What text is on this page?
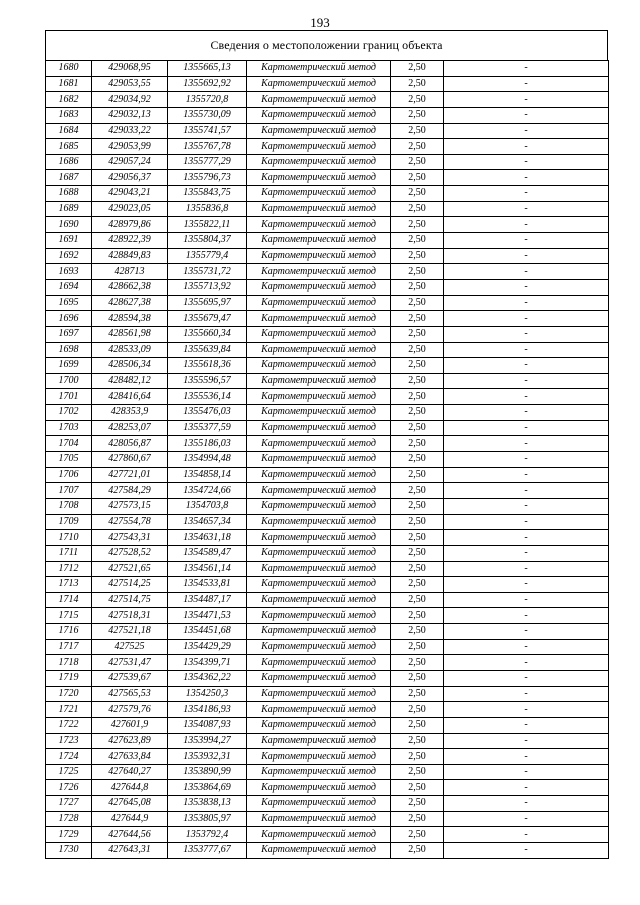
193
Сведения о местоположении границ объекта
1680	429068,95	1355665,13	Картометрический метод	2,50	-
1681	429053,55	1355692,92	Картометрический метод	2,50	-
1682	429034,92	1355720,8	Картометрический метод	2,50	-
1683	429032,13	1355730,09	Картометрический метод	2,50	-
1684	429033,22	1355741,57	Картометрический метод	2,50	-
1685	429053,99	1355767,78	Картометрический метод	2,50	-
1686	429057,24	1355777,29	Картометрический метод	2,50	-
1687	429056,37	1355796,73	Картометрический метод	2,50	-
1688	429043,21	1355843,75	Картометрический метод	2,50	-
1689	429023,05	1355836,8	Картометрический метод	2,50	-
1690	428979,86	1355822,11	Картометрический метод	2,50	-
1691	428922,39	1355804,37	Картометрический метод	2,50	-
1692	428849,83	1355779,4	Картометрический метод	2,50	-
1693	428713	1355731,72	Картометрический метод	2,50	-
1694	428662,38	1355713,92	Картометрический метод	2,50	-
1695	428627,38	1355695,97	Картометрический метод	2,50	-
1696	428594,38	1355679,47	Картометрический метод	2,50	-
1697	428561,98	1355660,34	Картометрический метод	2,50	-
1698	428533,09	1355639,84	Картометрический метод	2,50	-
1699	428506,34	1355618,36	Картометрический метод	2,50	-
1700	428482,12	1355596,57	Картометрический метод	2,50	-
1701	428416,64	1355536,14	Картометрический метод	2,50	-
1702	428353,9	1355476,03	Картометрический метод	2,50	-
1703	428253,07	1355377,59	Картометрический метод	2,50	-
1704	428056,87	1355186,03	Картометрический метод	2,50	-
1705	427860,67	1354994,48	Картометрический метод	2,50	-
1706	427721,01	1354858,14	Картометрический метод	2,50	-
1707	427584,29	1354724,66	Картометрический метод	2,50	-
1708	427573,15	1354703,8	Картометрический метод	2,50	-
1709	427554,78	1354657,34	Картометрический метод	2,50	-
1710	427543,31	1354631,18	Картометрический метод	2,50	-
1711	427528,52	1354589,47	Картометрический метод	2,50	-
1712	427521,65	1354561,14	Картометрический метод	2,50	-
1713	427514,25	1354533,81	Картометрический метод	2,50	-
1714	427514,75	1354487,17	Картометрический метод	2,50	-
1715	427518,31	1354471,53	Картометрический метод	2,50	-
1716	427521,18	1354451,68	Картометрический метод	2,50	-
1717	427525	1354429,29	Картометрический метод	2,50	-
1718	427531,47	1354399,71	Картометрический метод	2,50	-
1719	427539,67	1354362,22	Картометрический метод	2,50	-
1720	427565,53	1354250,3	Картометрический метод	2,50	-
1721	427579,76	1354186,93	Картометрический метод	2,50	-
1722	427601,9	1354087,93	Картометрический метод	2,50	-
1723	427623,89	1353994,27	Картометрический метод	2,50	-
1724	427633,84	1353932,31	Картометрический метод	2,50	-
1725	427640,27	1353890,99	Картометрический метод	2,50	-
1726	427644,8	1353864,69	Картометрический метод	2,50	-
1727	427645,08	1353838,13	Картометрический метод	2,50	-
1728	427644,9	1353805,97	Картометрический метод	2,50	-
1729	427644,56	1353792,4	Картометрический метод	2,50	-
1730	427643,31	1353777,67	Картометрический метод	2,50	-
